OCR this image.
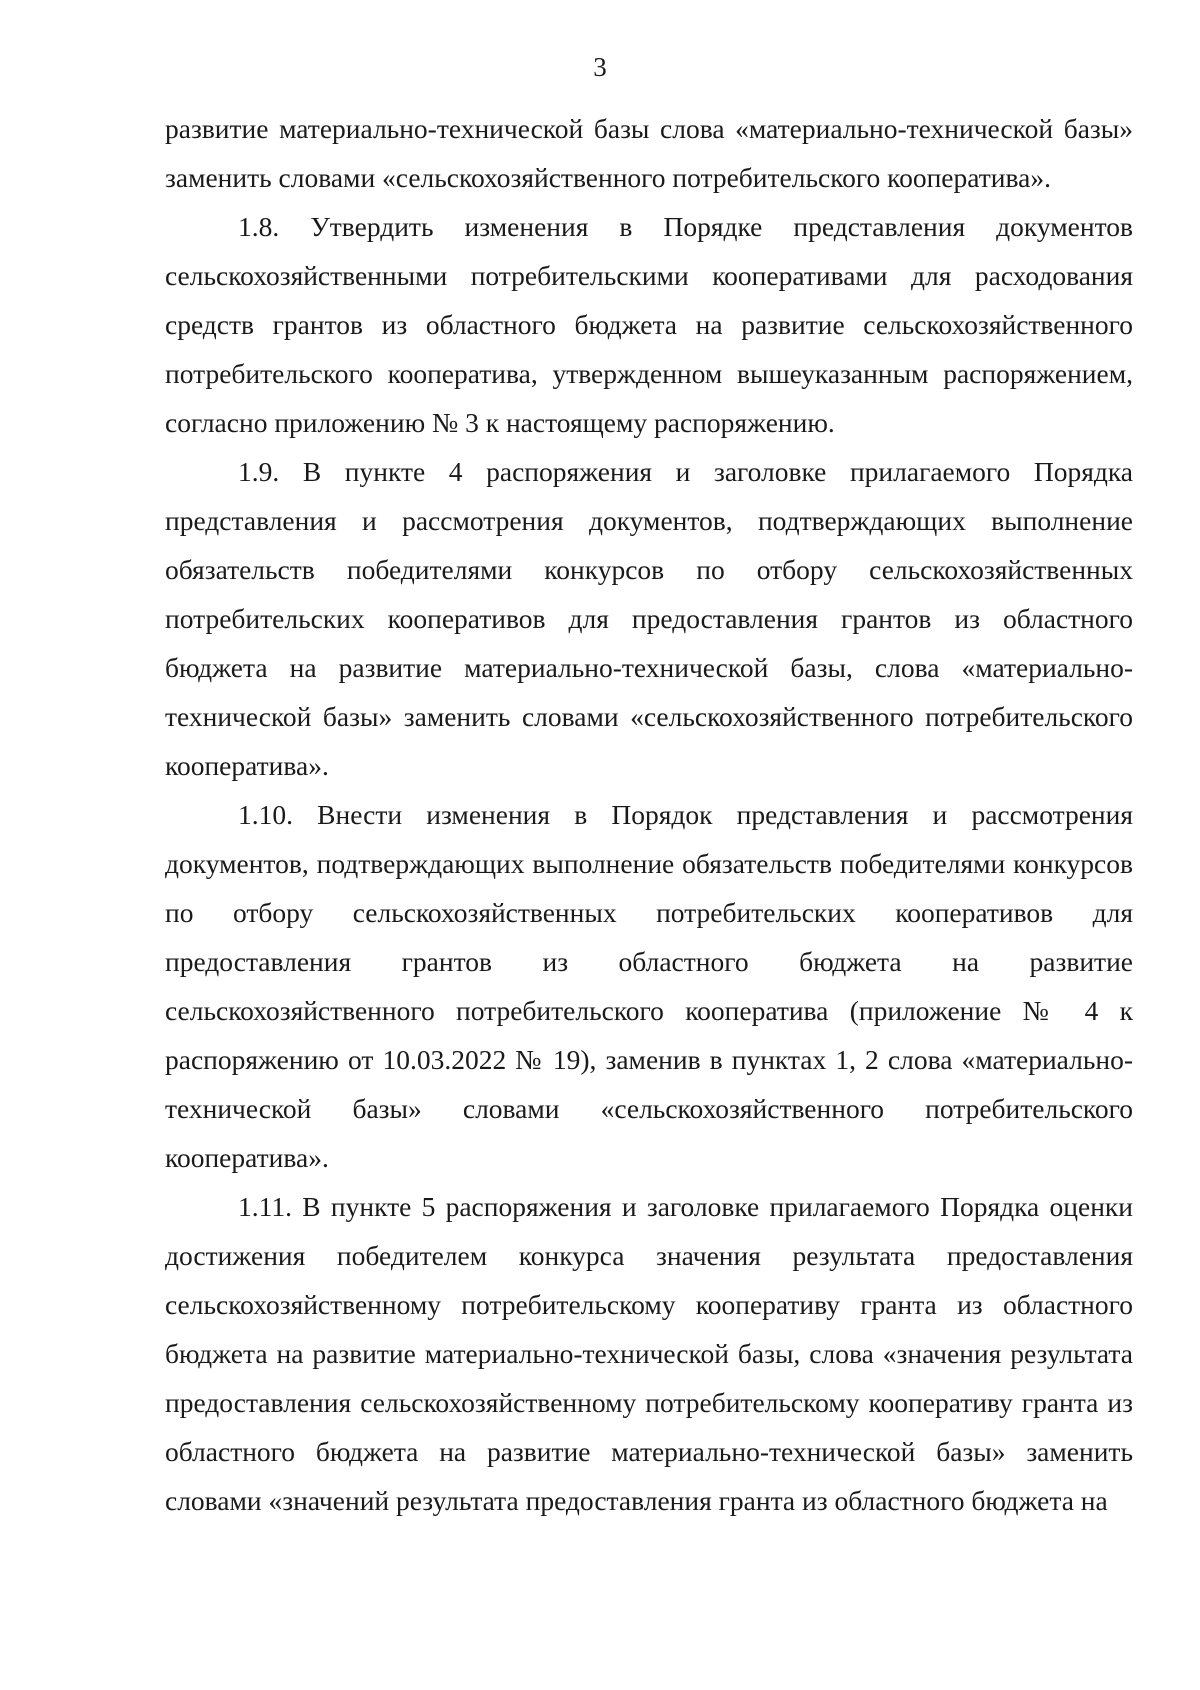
3

развитие материально-технической базы слова «материально-технической базы» заменить словами «сельскохозяйственного потребительского кооператива».

1.8. Утвердить изменения в Порядке представления документов сельскохозяйственными потребительскими кооперативами для расходования средств грантов из областного бюджета на развитие сельскохозяйственного потребительского кооператива, утвержденном вышеуказанным распоряжением, согласно приложению № 3 к настоящему распоряжению.

1.9. В пункте 4 распоряжения и заголовке прилагаемого Порядка представления и рассмотрения документов, подтверждающих выполнение обязательств победителями конкурсов по отбору сельскохозяйственных потребительских кооперативов для предоставления грантов из областного бюджета на развитие материально-технической базы, слова «материально-технической базы» заменить словами «сельскохозяйственного потребительского кооператива».

1.10. Внести изменения в Порядок представления и рассмотрения документов, подтверждающих выполнение обязательств победителями конкурсов по отбору сельскохозяйственных потребительских кооперативов для предоставления грантов из областного бюджета на развитие сельскохозяйственного потребительского кооператива (приложение № 4 к распоряжению от 10.03.2022 № 19), заменив в пунктах 1, 2 слова «материально-технической базы» словами «сельскохозяйственного потребительского кооператива».

1.11. В пункте 5 распоряжения и заголовке прилагаемого Порядка оценки достижения победителем конкурса значения результата предоставления сельскохозяйственному потребительскому кооперативу гранта из областного бюджета на развитие материально-технической базы, слова «значения результата предоставления сельскохозяйственному потребительскому кооперативу гранта из областного бюджета на развитие материально-технической базы» заменить словами «значений результата предоставления гранта из областного бюджета на
